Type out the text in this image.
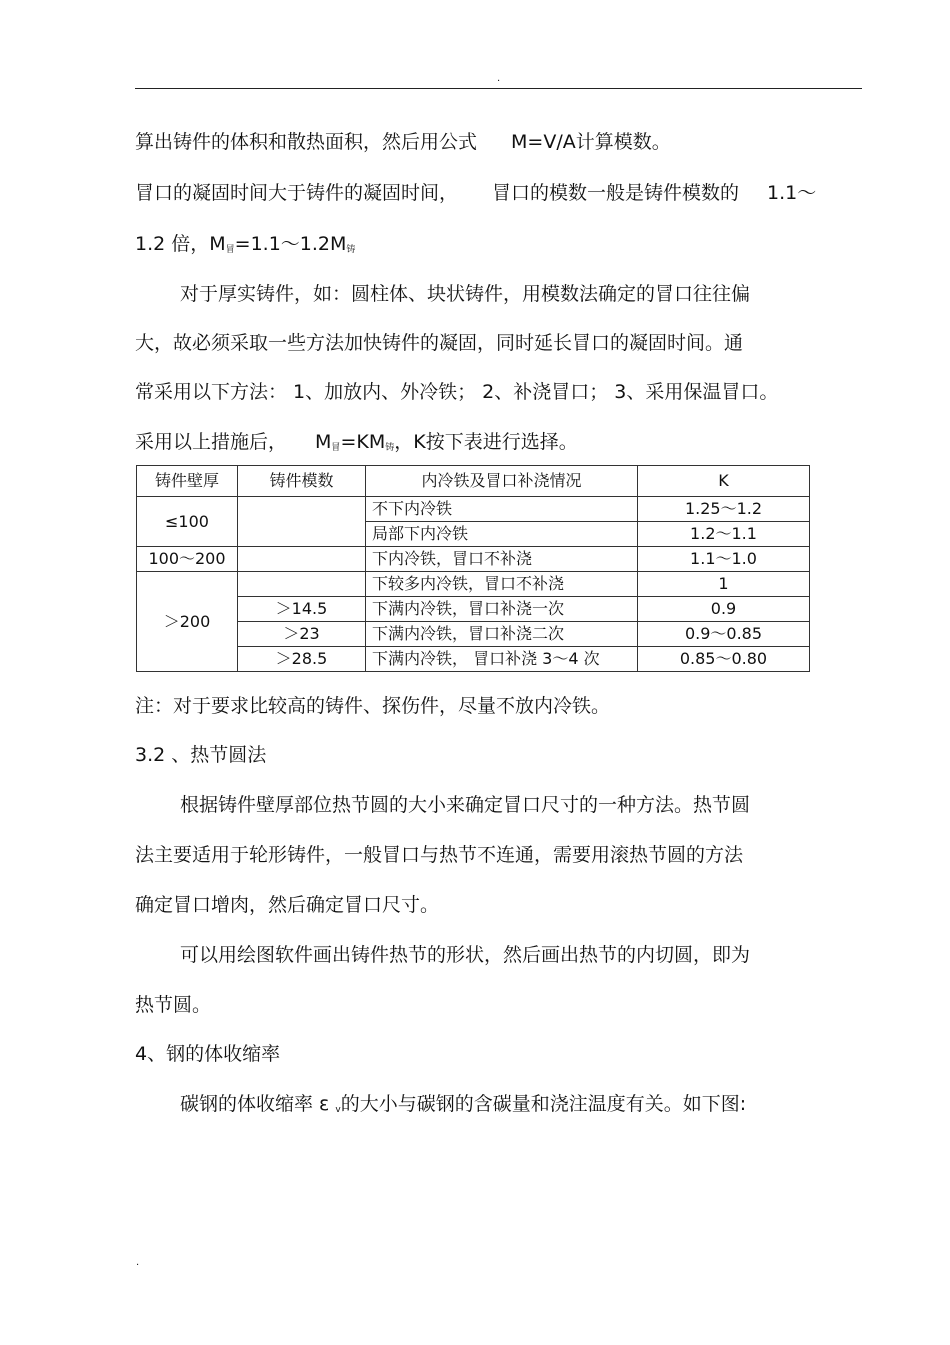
.
算出铸件的体积和散热面积，然后用公式 M=V/A计算模数。
冒口的凝固时间大于铸件的凝固时间， 冒口的模数一般是铸件模数的 1.1～
1.2 倍，$M_冒=1.1\sim 1.2M_铸$
对于厚实铸件，如：圆柱体、块状铸件，用模数法确定的冒口往往偏
大，故必须采取一些方法加快铸件的凝固，同时延长冒口的凝固时间。通
常采用以下方法： 1、加放内、外冷铁； 2、补浇冒口； 3、采用保温冒口。
采用以上措施后， $M_冒=KM_铸$，K按下表进行选择。
铸件壁厚	铸件模数	内冷铁及冒口补浇情况	K
≤100		不下内冷铁	1.25～1.2
		局部下内冷铁	1.2～1.1
100～200		下内冷铁，冒口不补浇	1.1～1.0
＞200		下较多内冷铁，冒口不补浇	1
	＞14.5	下满内冷铁，冒口补浇一次	0.9
	＞23	下满内冷铁，冒口补浇二次	0.9～0.85
	＞28.5	下满内冷铁， 冒口补浇 3～4 次	0.85～0.80
注：对于要求比较高的铸件、探伤件，尽量不放内冷铁。
3.2 、热节圆法
根据铸件壁厚部位热节圆的大小来确定冒口尺寸的一种方法。热节圆
法主要适用于轮形铸件，一般冒口与热节不连通，需要用滚热节圆的方法
确定冒口增肉，然后确定冒口尺寸。
可以用绘图软件画出铸件热节的形状，然后画出热节的内切圆，即为
热节圆。
4、钢的体收缩率
碳钢的体收缩率 ε $_v$的大小与碳钢的含碳量和浇注温度有关。如下图:
.
